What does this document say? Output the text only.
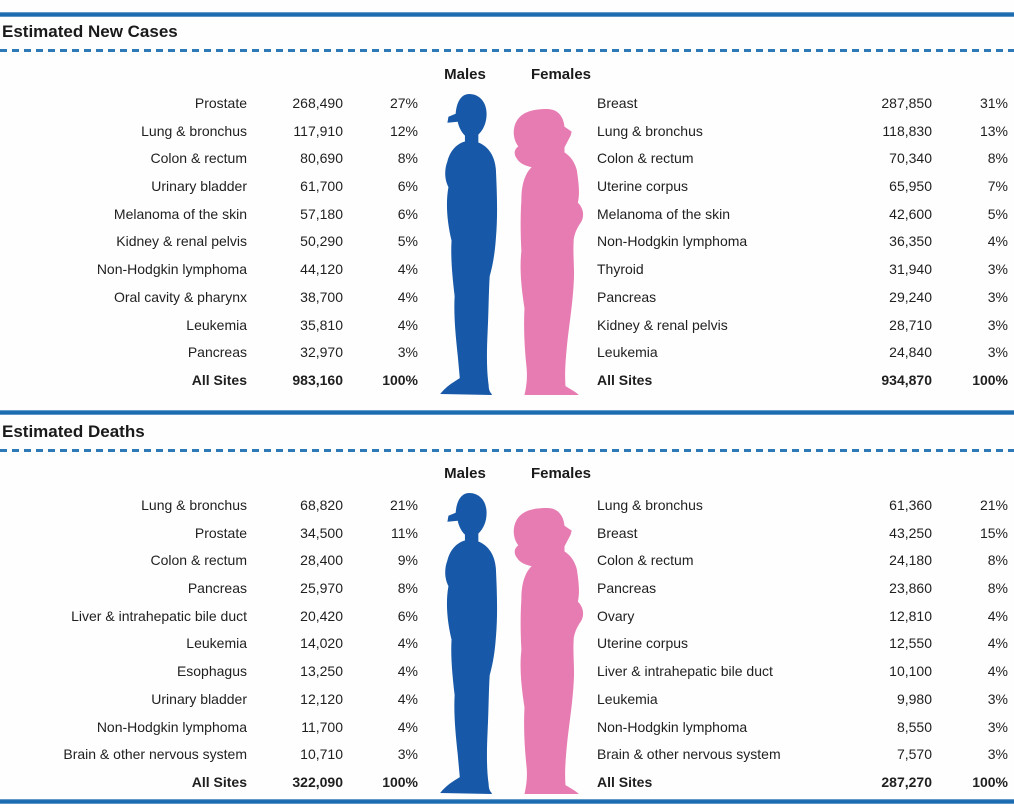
Estimated New Cases
Males	Females
Prostate	268,490	27%
Lung & bronchus	117,910	12%
Colon & rectum	80,690	8%
Urinary bladder	61,700	6%
Melanoma of the skin	57,180	6%
Kidney & renal pelvis	50,290	5%
Non-Hodgkin lymphoma	44,120	4%
Oral cavity & pharynx	38,700	4%
Leukemia	35,810	4%
Pancreas	32,970	3%
All Sites	983,160	100%
Breast	287,850	31%
Lung & bronchus	118,830	13%
Colon & rectum	70,340	8%
Uterine corpus	65,950	7%
Melanoma of the skin	42,600	5%
Non-Hodgkin lymphoma	36,350	4%
Thyroid	31,940	3%
Pancreas	29,240	3%
Kidney & renal pelvis	28,710	3%
Leukemia	24,840	3%
All Sites	934,870	100%
Estimated Deaths
Males	Females
Lung & bronchus	68,820	21%
Prostate	34,500	11%
Colon & rectum	28,400	9%
Pancreas	25,970	8%
Liver & intrahepatic bile duct	20,420	6%
Leukemia	14,020	4%
Esophagus	13,250	4%
Urinary bladder	12,120	4%
Non-Hodgkin lymphoma	11,700	4%
Brain & other nervous system	10,710	3%
All Sites	322,090	100%
Lung & bronchus	61,360	21%
Breast	43,250	15%
Colon & rectum	24,180	8%
Pancreas	23,860	8%
Ovary	12,810	4%
Uterine corpus	12,550	4%
Liver & intrahepatic bile duct	10,100	4%
Leukemia	9,980	3%
Non-Hodgkin lymphoma	8,550	3%
Brain & other nervous system	7,570	3%
All Sites	287,270	100%
